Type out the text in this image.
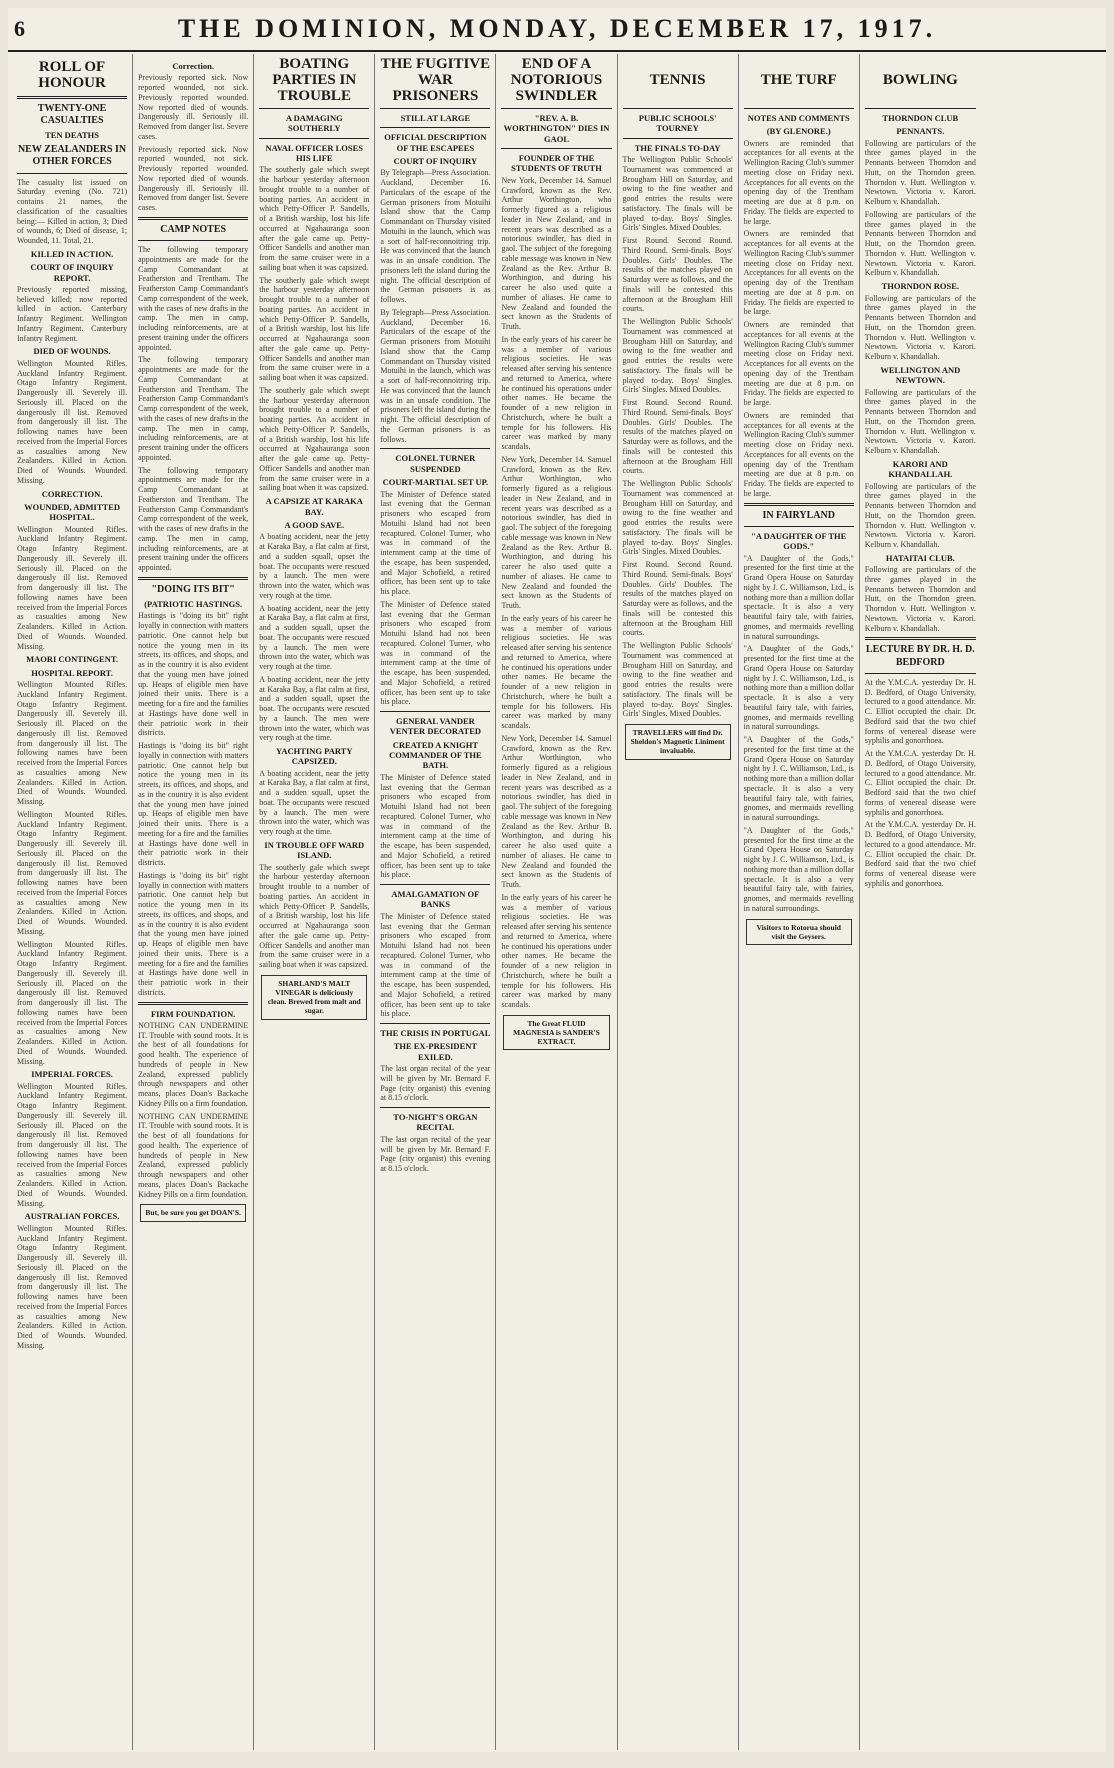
6	THE DOMINION, MONDAY, DECEMBER 17, 1917.
ROLL OF HONOUR
TWENTY-ONE CASUALTIES
TEN DEATHS
NEW ZEALANDERS IN OTHER FORCES

The casualty list issued on Saturday evening (No. 721) contains 21 names, the classification of the casualties being:— Killed in action, 3; Died of wounds, 6; Died of disease, 1; Wounded, 11. Total, 21.

KILLED IN ACTION.
COURT OF INQUIRY REPORT.

Previously reported missing, believed killed; now reported killed in action. Canterbury Infantry Regiment. Wellington Infantry Regiment. Canterbury Infantry Regiment.

DIED OF WOUNDS.

Wellington Mounted Rifles. Auckland Infantry Regiment. Otago Infantry Regiment. Dangerously ill. Severely ill. Seriously ill. Placed on the dangerously ill list. Removed from dangerously ill list. The following names have been received from the Imperial Forces as casualties among New Zealanders. Killed in Action. Died of Wounds. Wounded. Missing.

CORRECTION.
WOUNDED, ADMITTED HOSPITAL.

Wellington Mounted Rifles. Auckland Infantry Regiment. Otago Infantry Regiment. Dangerously ill. Severely ill. Seriously ill. Placed on the dangerously ill list. Removed from dangerously ill list. The following names have been received from the Imperial Forces as casualties among New Zealanders. Killed in Action. Died of Wounds. Wounded. Missing.

MAORI CONTINGENT.
HOSPITAL REPORT.

Wellington Mounted Rifles. Auckland Infantry Regiment. Otago Infantry Regiment. Dangerously ill. Severely ill. Seriously ill. Placed on the dangerously ill list. Removed from dangerously ill list. The following names have been received from the Imperial Forces as casualties among New Zealanders. Killed in Action. Died of Wounds. Wounded. Missing.

Wellington Mounted Rifles. Auckland Infantry Regiment. Otago Infantry Regiment. Dangerously ill. Severely ill. Seriously ill. Placed on the dangerously ill list. Removed from dangerously ill list. The following names have been received from the Imperial Forces as casualties among New Zealanders. Killed in Action. Died of Wounds. Wounded. Missing.

Wellington Mounted Rifles. Auckland Infantry Regiment. Otago Infantry Regiment. Dangerously ill. Severely ill. Seriously ill. Placed on the dangerously ill list. Removed from dangerously ill list. The following names have been received from the Imperial Forces as casualties among New Zealanders. Killed in Action. Died of Wounds. Wounded. Missing.

IMPERIAL FORCES.

Wellington Mounted Rifles. Auckland Infantry Regiment. Otago Infantry Regiment. Dangerously ill. Severely ill. Seriously ill. Placed on the dangerously ill list. Removed from dangerously ill list. The following names have been received from the Imperial Forces as casualties among New Zealanders. Killed in Action. Died of Wounds. Wounded. Missing.

AUSTRALIAN FORCES.

Wellington Mounted Rifles. Auckland Infantry Regiment. Otago Infantry Regiment. Dangerously ill. Severely ill. Seriously ill. Placed on the dangerously ill list. Removed from dangerously ill list. The following names have been received from the Imperial Forces as casualties among New Zealanders. Killed in Action. Died of Wounds. Wounded. Missing.

Correction.

Previously reported sick. Now reported wounded, not sick. Previously reported wounded. Now reported died of wounds. Dangerously ill. Seriously ill. Removed from danger list. Severe cases.

Previously reported sick. Now reported wounded, not sick. Previously reported wounded. Now reported died of wounds. Dangerously ill. Seriously ill. Removed from danger list. Severe cases.

CAMP NOTES

The following temporary appointments are made for the Camp Commandant at Featherston and Trentham. The Featherston Camp Commandant's Camp correspondent of the week, with the cases of new drafts in the camp. The men in camp, including reinforcements, are at present training under the officers appointed.

The following temporary appointments are made for the Camp Commandant at Featherston and Trentham. The Featherston Camp Commandant's Camp correspondent of the week, with the cases of new drafts in the camp. The men in camp, including reinforcements, are at present training under the officers appointed.

The following temporary appointments are made for the Camp Commandant at Featherston and Trentham. The Featherston Camp Commandant's Camp correspondent of the week, with the cases of new drafts in the camp. The men in camp, including reinforcements, are at present training under the officers appointed.

"DOING ITS BIT"
(PATRIOTIC HASTINGS.

Hastings is "doing its bit" right loyally in connection with matters patriotic. One cannot help but notice the young men in its streets, its offices, and shops, and as in the country it is also evident that the young men have joined up. Heaps of eligible men have joined their units. There is a meeting for a fire and the families at Hastings have done well in their patriotic work in their districts.

Hastings is "doing its bit" right loyally in connection with matters patriotic. One cannot help but notice the young men in its streets, its offices, and shops, and as in the country it is also evident that the young men have joined up. Heaps of eligible men have joined their units. There is a meeting for a fire and the families at Hastings have done well in their patriotic work in their districts.

Hastings is "doing its bit" right loyally in connection with matters patriotic. One cannot help but notice the young men in its streets, its offices, and shops, and as in the country it is also evident that the young men have joined up. Heaps of eligible men have joined their units. There is a meeting for a fire and the families at Hastings have done well in their patriotic work in their districts.

FIRM FOUNDATION.

NOTHING CAN UNDERMINE IT. Trouble with sound roots. It is the best of all foundations for good health. The experience of hundreds of people in New Zealand, expressed publicly through newspapers and other means, places Doan's Backache Kidney Pills on a firm foundation.

NOTHING CAN UNDERMINE IT. Trouble with sound roots. It is the best of all foundations for good health. The experience of hundreds of people in New Zealand, expressed publicly through newspapers and other means, places Doan's Backache Kidney Pills on a firm foundation.

But, be sure you get DOAN'S.
BOATING PARTIES IN TROUBLE
A DAMAGING SOUTHERLY
NAVAL OFFICER LOSES HIS LIFE

The southerly gale which swept the harbour yesterday afternoon brought trouble to a number of boating parties. An accident in which Petty-Officer P. Sandells, of a British warship, lost his life occurred at Ngahauranga soon after the gale came up. Petty-Officer Sandells and another man from the same cruiser were in a sailing boat when it was capsized.

The southerly gale which swept the harbour yesterday afternoon brought trouble to a number of boating parties. An accident in which Petty-Officer P. Sandells, of a British warship, lost his life occurred at Ngahauranga soon after the gale came up. Petty-Officer Sandells and another man from the same cruiser were in a sailing boat when it was capsized.

The southerly gale which swept the harbour yesterday afternoon brought trouble to a number of boating parties. An accident in which Petty-Officer P. Sandells, of a British warship, lost his life occurred at Ngahauranga soon after the gale came up. Petty-Officer Sandells and another man from the same cruiser were in a sailing boat when it was capsized.

A CAPSIZE AT KARAKA BAY.
A GOOD SAVE.

A boating accident, near the jetty at Karaka Bay, a flat calm at first, and a sudden squall, upset the boat. The occupants were rescued by a launch. The men were thrown into the water, which was very rough at the time.

A boating accident, near the jetty at Karaka Bay, a flat calm at first, and a sudden squall, upset the boat. The occupants were rescued by a launch. The men were thrown into the water, which was very rough at the time.

A boating accident, near the jetty at Karaka Bay, a flat calm at first, and a sudden squall, upset the boat. The occupants were rescued by a launch. The men were thrown into the water, which was very rough at the time.

YACHTING PARTY CAPSIZED.

A boating accident, near the jetty at Karaka Bay, a flat calm at first, and a sudden squall, upset the boat. The occupants were rescued by a launch. The men were thrown into the water, which was very rough at the time.

IN TROUBLE OFF WARD ISLAND.

The southerly gale which swept the harbour yesterday afternoon brought trouble to a number of boating parties. An accident in which Petty-Officer P. Sandells, of a British warship, lost his life occurred at Ngahauranga soon after the gale came up. Petty-Officer Sandells and another man from the same cruiser were in a sailing boat when it was capsized.

SHARLAND'S MALT VINEGAR is deliciously clean. Brewed from malt and sugar.
THE FUGITIVE WAR PRISONERS
STILL AT LARGE
OFFICIAL DESCRIPTION OF THE ESCAPEES
COURT OF INQUIRY

By Telegraph—Press Association. Auckland, December 16. Particulars of the escape of the German prisoners from Motuihi Island show that the Camp Commandant on Thursday visited Motuihi in the launch, which was a sort of half-reconnoitring trip. He was convinced that the launch was in an unsafe condition. The prisoners left the island during the night. The official description of the German prisoners is as follows.

By Telegraph—Press Association. Auckland, December 16. Particulars of the escape of the German prisoners from Motuihi Island show that the Camp Commandant on Thursday visited Motuihi in the launch, which was a sort of half-reconnoitring trip. He was convinced that the launch was in an unsafe condition. The prisoners left the island during the night. The official description of the German prisoners is as follows.

COLONEL TURNER SUSPENDED
COURT-MARTIAL SET UP.

The Minister of Defence stated last evening that the German prisoners who escaped from Motuihi Island had not been recaptured. Colonel Turner, who was in command of the internment camp at the time of the escape, has been suspended, and Major Schofield, a retired officer, has been sent up to take his place.

The Minister of Defence stated last evening that the German prisoners who escaped from Motuihi Island had not been recaptured. Colonel Turner, who was in command of the internment camp at the time of the escape, has been suspended, and Major Schofield, a retired officer, has been sent up to take his place.

GENERAL VANDER VENTER DECORATED
CREATED A KNIGHT COMMANDER OF THE BATH.

The Minister of Defence stated last evening that the German prisoners who escaped from Motuihi Island had not been recaptured. Colonel Turner, who was in command of the internment camp at the time of the escape, has been suspended, and Major Schofield, a retired officer, has been sent up to take his place.

AMALGAMATION OF BANKS

The Minister of Defence stated last evening that the German prisoners who escaped from Motuihi Island had not been recaptured. Colonel Turner, who was in command of the internment camp at the time of the escape, has been suspended, and Major Schofield, a retired officer, has been sent up to take his place.

THE CRISIS IN PORTUGAL
THE EX-PRESIDENT EXILED.

The last organ recital of the year will be given by Mr. Bernard F. Page (city organist) this evening at 8.15 o'clock.

TO-NIGHT'S ORGAN RECITAL

The last organ recital of the year will be given by Mr. Bernard F. Page (city organist) this evening at 8.15 o'clock.

END OF A NOTORIOUS SWINDLER
"REV. A. B. WORTHINGTON" DIES IN GAOL
FOUNDER OF THE STUDENTS OF TRUTH

New York, December 14. Samuel Crawford, known as the Rev. Arthur Worthington, who formerly figured as a religious leader in New Zealand, and in recent years was described as a notorious swindler, has died in gaol. The subject of the foregoing cable message was known in New Zealand as the Rev. Arthur B. Worthington, and during his career he also used quite a number of aliases. He came to New Zealand and founded the sect known as the Students of Truth.

In the early years of his career he was a member of various religious societies. He was released after serving his sentence and returned to America, where he continued his operations under other names. He became the founder of a new religion in Christchurch, where he built a temple for his followers. His career was marked by many scandals.

New York, December 14. Samuel Crawford, known as the Rev. Arthur Worthington, who formerly figured as a religious leader in New Zealand, and in recent years was described as a notorious swindler, has died in gaol. The subject of the foregoing cable message was known in New Zealand as the Rev. Arthur B. Worthington, and during his career he also used quite a number of aliases. He came to New Zealand and founded the sect known as the Students of Truth.

In the early years of his career he was a member of various religious societies. He was released after serving his sentence and returned to America, where he continued his operations under other names. He became the founder of a new religion in Christchurch, where he built a temple for his followers. His career was marked by many scandals.

New York, December 14. Samuel Crawford, known as the Rev. Arthur Worthington, who formerly figured as a religious leader in New Zealand, and in recent years was described as a notorious swindler, has died in gaol. The subject of the foregoing cable message was known in New Zealand as the Rev. Arthur B. Worthington, and during his career he also used quite a number of aliases. He came to New Zealand and founded the sect known as the Students of Truth.

In the early years of his career he was a member of various religious societies. He was released after serving his sentence and returned to America, where he continued his operations under other names. He became the founder of a new religion in Christchurch, where he built a temple for his followers. His career was marked by many scandals.

The Great FLUID MAGNESIA is SANDER'S EXTRACT.
TENNIS
PUBLIC SCHOOLS' TOURNEY
THE FINALS TO-DAY

The Wellington Public Schools' Tournament was commenced at Brougham Hill on Saturday, and owing to the fine weather and good entries the results were satisfactory. The finals will be played to-day. Boys' Singles. Girls' Singles. Mixed Doubles.

First Round. Second Round. Third Round. Semi-finals. Boys' Doubles. Girls' Doubles. The results of the matches played on Saturday were as follows, and the finals will be contested this afternoon at the Brougham Hill courts.

The Wellington Public Schools' Tournament was commenced at Brougham Hill on Saturday, and owing to the fine weather and good entries the results were satisfactory. The finals will be played to-day. Boys' Singles. Girls' Singles. Mixed Doubles.

First Round. Second Round. Third Round. Semi-finals. Boys' Doubles. Girls' Doubles. The results of the matches played on Saturday were as follows, and the finals will be contested this afternoon at the Brougham Hill courts.

The Wellington Public Schools' Tournament was commenced at Brougham Hill on Saturday, and owing to the fine weather and good entries the results were satisfactory. The finals will be played to-day. Boys' Singles. Girls' Singles. Mixed Doubles.

First Round. Second Round. Third Round. Semi-finals. Boys' Doubles. Girls' Doubles. The results of the matches played on Saturday were as follows, and the finals will be contested this afternoon at the Brougham Hill courts.

The Wellington Public Schools' Tournament was commenced at Brougham Hill on Saturday, and owing to the fine weather and good entries the results were satisfactory. The finals will be played to-day. Boys' Singles. Girls' Singles. Mixed Doubles.

TRAVELLERS will find Dr. Sheldon's Magnetic Liniment invaluable.
THE TURF
NOTES AND COMMENTS
(BY GLENORE.)

Owners are reminded that acceptances for all events at the Wellington Racing Club's summer meeting close on Friday next. Acceptances for all events on the opening day of the Trentham meeting are due at 8 p.m. on Friday. The fields are expected to be large.

Owners are reminded that acceptances for all events at the Wellington Racing Club's summer meeting close on Friday next. Acceptances for all events on the opening day of the Trentham meeting are due at 8 p.m. on Friday. The fields are expected to be large.

Owners are reminded that acceptances for all events at the Wellington Racing Club's summer meeting close on Friday next. Acceptances for all events on the opening day of the Trentham meeting are due at 8 p.m. on Friday. The fields are expected to be large.

Owners are reminded that acceptances for all events at the Wellington Racing Club's summer meeting close on Friday next. Acceptances for all events on the opening day of the Trentham meeting are due at 8 p.m. on Friday. The fields are expected to be large.

IN FAIRYLAND
"A DAUGHTER OF THE GODS."

"A Daughter of the Gods," presented for the first time at the Grand Opera House on Saturday night by J. C. Williamson, Ltd., is nothing more than a million dollar spectacle. It is also a very beautiful fairy tale, with fairies, gnomes, and mermaids revelling in natural surroundings.

"A Daughter of the Gods," presented for the first time at the Grand Opera House on Saturday night by J. C. Williamson, Ltd., is nothing more than a million dollar spectacle. It is also a very beautiful fairy tale, with fairies, gnomes, and mermaids revelling in natural surroundings.

"A Daughter of the Gods," presented for the first time at the Grand Opera House on Saturday night by J. C. Williamson, Ltd., is nothing more than a million dollar spectacle. It is also a very beautiful fairy tale, with fairies, gnomes, and mermaids revelling in natural surroundings.

"A Daughter of the Gods," presented for the first time at the Grand Opera House on Saturday night by J. C. Williamson, Ltd., is nothing more than a million dollar spectacle. It is also a very beautiful fairy tale, with fairies, gnomes, and mermaids revelling in natural surroundings.

Visitors to Rotorua should visit the Geysers.
BOWLING
THORNDON CLUB
PENNANTS.

Following are particulars of the three games played in the Pennants between Thorndon and Hutt, on the Thorndon green. Thorndon v. Hutt. Wellington v. Newtown. Victoria v. Karori. Kelburn v. Khandallah.

Following are particulars of the three games played in the Pennants between Thorndon and Hutt, on the Thorndon green. Thorndon v. Hutt. Wellington v. Newtown. Victoria v. Karori. Kelburn v. Khandallah.

THORNDON ROSE.

Following are particulars of the three games played in the Pennants between Thorndon and Hutt, on the Thorndon green. Thorndon v. Hutt. Wellington v. Newtown. Victoria v. Karori. Kelburn v. Khandallah.

WELLINGTON AND NEWTOWN.

Following are particulars of the three games played in the Pennants between Thorndon and Hutt, on the Thorndon green. Thorndon v. Hutt. Wellington v. Newtown. Victoria v. Karori. Kelburn v. Khandallah.

KARORI AND KHANDALLAH.

Following are particulars of the three games played in the Pennants between Thorndon and Hutt, on the Thorndon green. Thorndon v. Hutt. Wellington v. Newtown. Victoria v. Karori. Kelburn v. Khandallah.

HATAITAI CLUB.

Following are particulars of the three games played in the Pennants between Thorndon and Hutt, on the Thorndon green. Thorndon v. Hutt. Wellington v. Newtown. Victoria v. Karori. Kelburn v. Khandallah.

LECTURE BY DR. H. D. BEDFORD

At the Y.M.C.A. yesterday Dr. H. D. Bedford, of Otago University, lectured to a good attendance. Mr. C. Elliot occupied the chair. Dr. Bedford said that the two chief forms of venereal disease were syphilis and gonorrhoea.

At the Y.M.C.A. yesterday Dr. H. D. Bedford, of Otago University, lectured to a good attendance. Mr. C. Elliot occupied the chair. Dr. Bedford said that the two chief forms of venereal disease were syphilis and gonorrhoea.

At the Y.M.C.A. yesterday Dr. H. D. Bedford, of Otago University, lectured to a good attendance. Mr. C. Elliot occupied the chair. Dr. Bedford said that the two chief forms of venereal disease were syphilis and gonorrhoea.
